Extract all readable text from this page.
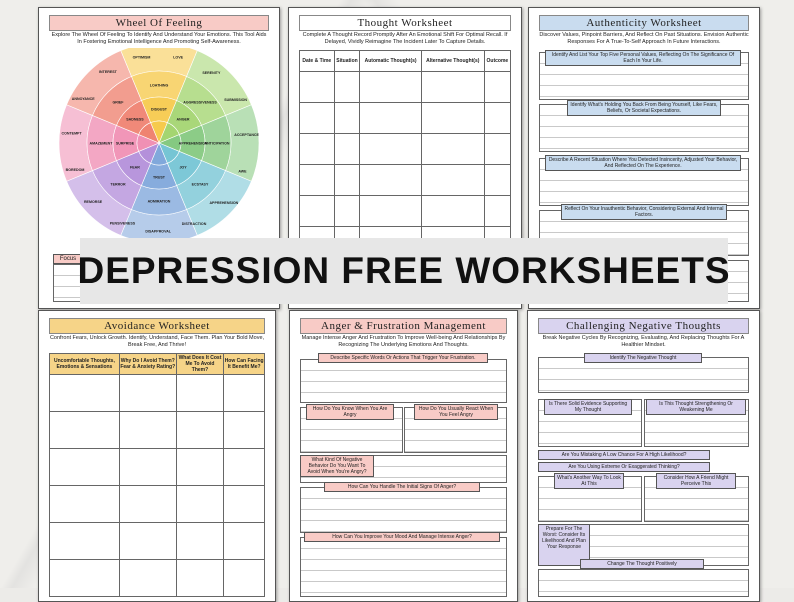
Wheel Of Feeling
Explore The Wheel Of Feeling To Identify And Understand Your Emotions. This Tool Aids In Fostering Emotional Intelligence And Promoting Self-Awareness.
DISGUST
ANGER
APPREHENSION
JOY
TRUST
FEAR
SURPRISE
SADNESS
LOATHING
AGGRESSIVENESS
ANTICIPATION
ECSTASY
ADMIRATION
TERROR
AMAZEMENT
GRIEF
OPTIMISM	LOVE
SERENITY
SUBMISSION
ACCEPTANCE
AWE
APPREHENSION
DISTRACTION
DISAPPROVAL
PENSIVENESS
REMORSE
BOREDOM
CONTEMPT
ANNOYANCE
INTEREST
Focus
Thought Worksheet
Complete A Thought Record Promptly After An Emotional Shift For Optimal Recall. If Delayed, Vividly Reimagine The Incident Later To Capture Details.
Date & Time	Situation	Automatic Thought(s)	Alternative Thought(s)	Outcome

Authenticity Worksheet
Discover Values, Pinpoint Barriers, And Reflect On Past Situations. Envision Authentic Responses For A True-To-Self Approach In Future Interactions.
Identify And List Your Top Five Personal Values, Reflecting On The Significance Of Each In Your Life.
Identify What's Holding You Back From Being Yourself, Like Fears, Beliefs, Or Societal Expectations.
Describe A Recent Situation Where You Detected Insincerity, Adjusted Your Behavior, And Reflected On The Experience.
Reflect On Your Inauthentic Behavior, Considering External And Internal Factors.
Avoidance Worksheet
Confront Fears, Unlock Growth. Identify, Understand, Face Them. Plan Your Bold Move, Break Free, And Thrive!
Uncomfortable Thoughts, Emotions & Sensations	Why Do I Avoid Them? Fear & Anxiety Rating?	What Does It Cost Me To Avoid Them?	How Can Facing It Benefit Me?

Anger & Frustration Management
Manage Intense Anger And Frustration To Improve Well-being And Relationships By Recognizing The Underlying Emotions And Thoughts.
Describe Specific Words Or Actions That Trigger Your Frustration.
How Do You Know When You Are Angry
How Do You Usually React When You Feel Angry
What Kind Of Negative Behavior Do You Want To Avoid When You're Angry?
How Can You Handle The Initial Signs Of Anger?
How Can You Improve Your Mood And Manage Intense Anger?
Challenging Negative Thoughts
Break Negative Cycles By Recognizing, Evaluating, And Replacing Thoughts For A Healthier Mindset.
Identify The Negative Thought
Is There Solid Evidence Supporting My Thought
Is This Thought Strengthening Or Weakening Me
Are You Mistaking A Low Chance For A High Likelihood?
Are You Using Extreme Or Exaggerated Thinking?
What's Another Way To Look At This
Consider How A Friend Might Perceive This
Prepare For The Worst: Consider Its Likelihood And Plan Your Response
Change The Thought Positively
DEPRESSION FREE WORKSHEETS
